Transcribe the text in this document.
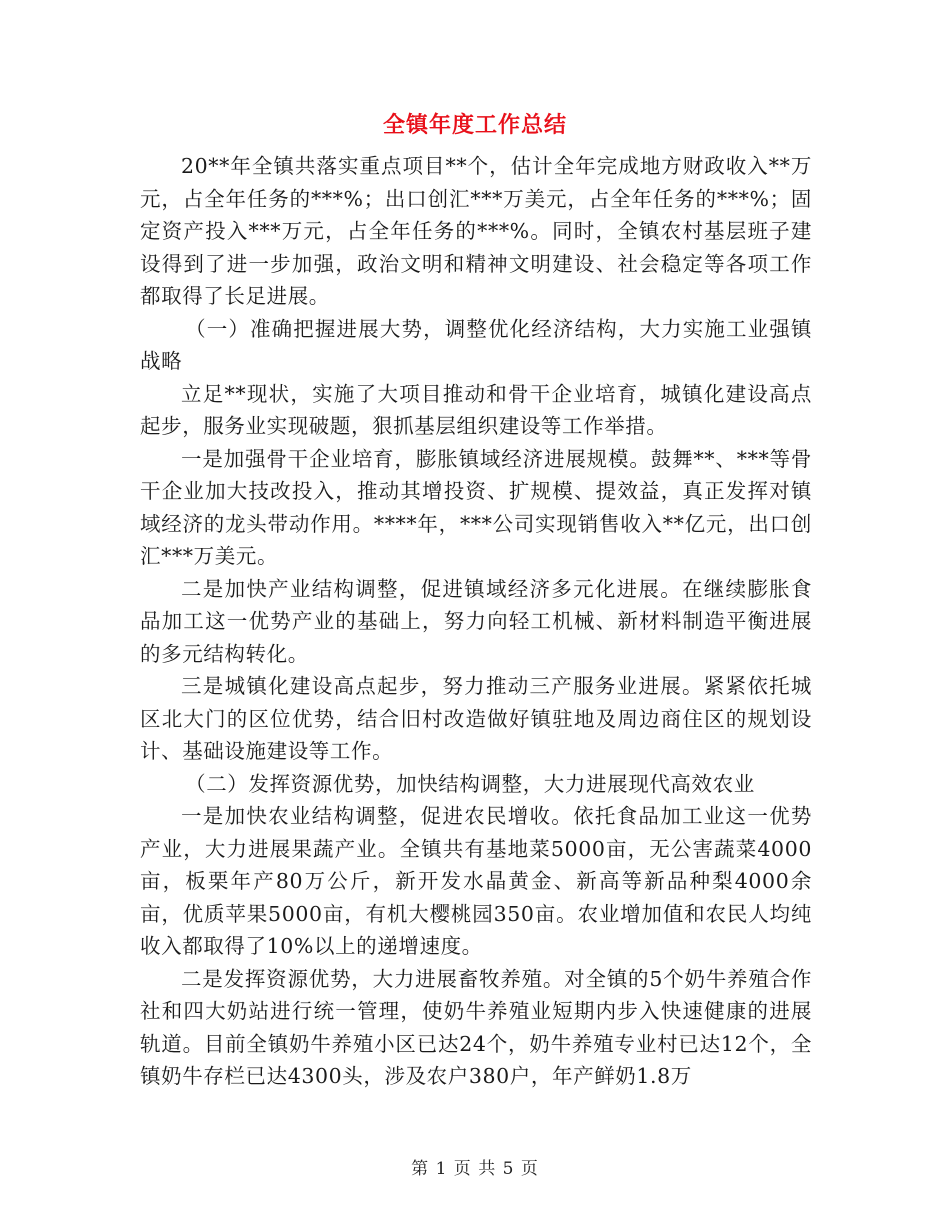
全镇年度工作总结

20**年全镇共落实重点项目**个，估计全年完成地方财政收入**万元，占全年任务的***%；出口创汇***万美元，占全年任务的***%；固定资产投入***万元，占全年任务的***%。同时，全镇农村基层班子建设得到了进一步加强，政治文明和精神文明建设、社会稳定等各项工作都取得了长足进展。

（一）准确把握进展大势，调整优化经济结构，大力实施工业强镇战略

立足**现状，实施了大项目推动和骨干企业培育，城镇化建设高点起步，服务业实现破题，狠抓基层组织建设等工作举措。

一是加强骨干企业培育，膨胀镇域经济进展规模。鼓舞**、***等骨干企业加大技改投入，推动其增投资、扩规模、提效益，真正发挥对镇域经济的龙头带动作用。****年，***公司实现销售收入**亿元，出口创汇***万美元。

二是加快产业结构调整，促进镇域经济多元化进展。在继续膨胀食品加工这一优势产业的基础上，努力向轻工机械、新材料制造平衡进展的多元结构转化。

三是城镇化建设高点起步，努力推动三产服务业进展。紧紧依托城区北大门的区位优势，结合旧村改造做好镇驻地及周边商住区的规划设计、基础设施建设等工作。

（二）发挥资源优势，加快结构调整，大力进展现代高效农业

一是加快农业结构调整，促进农民增收。依托食品加工业这一优势产业，大力进展果蔬产业。全镇共有基地菜5000亩，无公害蔬菜4000亩，板栗年产80万公斤，新开发水晶黄金、新高等新品种梨4000余亩，优质苹果5000亩，有机大樱桃园350亩。农业增加值和农民人均纯收入都取得了10%以上的递增速度。

二是发挥资源优势，大力进展畜牧养殖。对全镇的5个奶牛养殖合作社和四大奶站进行统一管理，使奶牛养殖业短期内步入快速健康的进展轨道。目前全镇奶牛养殖小区已达24个，奶牛养殖专业村已达12个，全镇奶牛存栏已达4300头，涉及农户380户，年产鲜奶1.8万

第 1 页 共 5 页
